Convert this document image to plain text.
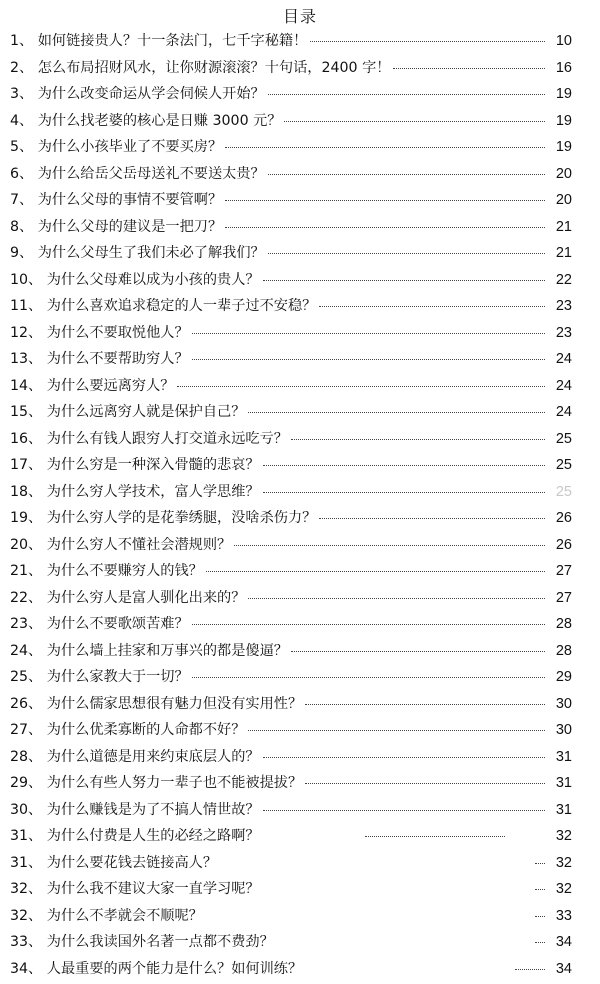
目录
1、 如何链接贵人？十一条法门，七千字秘籍！	10
2、 怎么布局招财风水，让你财源滚滚？十句话，2400 字！	16
3、 为什么改变命运从学会伺候人开始？	19
4、 为什么找老婆的核心是日赚 3000 元？	19
5、 为什么小孩毕业了不要买房？	19
6、 为什么给岳父岳母送礼不要送太贵？	20
7、 为什么父母的事情不要管啊？	20
8、 为什么父母的建议是一把刀？	21
9、 为什么父母生了我们未必了解我们？	21
10、 为什么父母难以成为小孩的贵人？	22
11、 为什么喜欢追求稳定的人一辈子过不安稳？	23
12、 为什么不要取悦他人？	23
13、 为什么不要帮助穷人？	24
14、 为什么要远离穷人？	24
15、 为什么远离穷人就是保护自己？	24
16、 为什么有钱人跟穷人打交道永远吃亏？	25
17、 为什么穷是一种深入骨髓的悲哀？	25
18、 为什么穷人学技术，富人学思维？	25
19、 为什么穷人学的是花拳绣腿，没啥杀伤力？	26
20、 为什么穷人不懂社会潜规则？	26
21、 为什么不要赚穷人的钱？	27
22、 为什么穷人是富人驯化出来的？	27
23、 为什么不要歌颂苦难？	28
24、 为什么墙上挂家和万事兴的都是傻逼？	28
25、 为什么家教大于一切？	29
26、 为什么儒家思想很有魅力但没有实用性？	30
27、 为什么优柔寡断的人命都不好？	30
28、 为什么道德是用来约束底层人的？	31
29、 为什么有些人努力一辈子也不能被提拔？	31
30、 为什么赚钱是为了不搞人情世故？	31
31、 为什么付费是人生的必经之路啊？	32
31、 为什么要花钱去链接高人？	32
32、 为什么我不建议大家一直学习呢？	32
32、 为什么不孝就会不顺呢？	33
33、 为什么我读国外名著一点都不费劲？	34
34、 人最重要的两个能力是什么？如何训练？	34
